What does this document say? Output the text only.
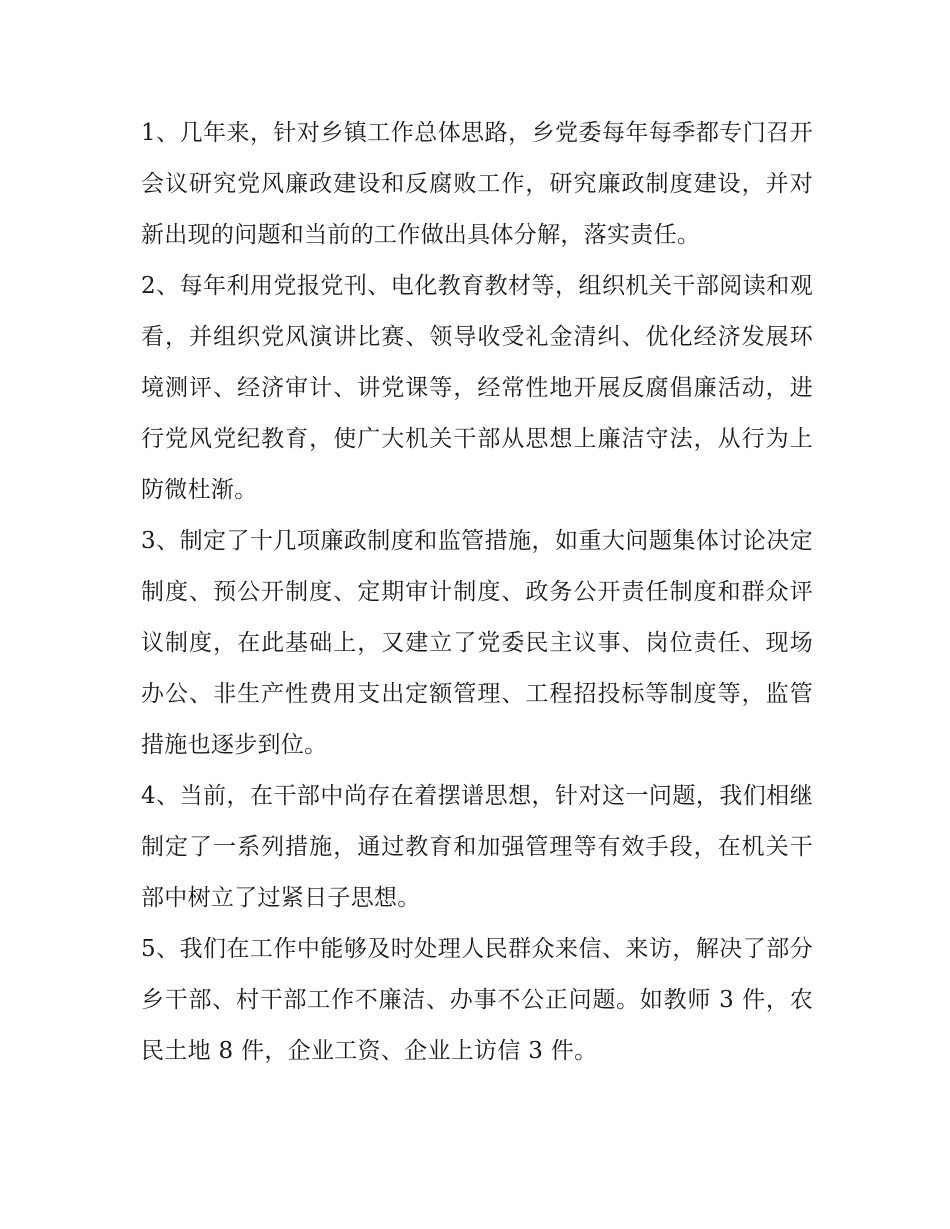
1、几年来，针对乡镇工作总体思路，乡党委每年每季都专门召开会议研究党风廉政建设和反腐败工作，研究廉政制度建设，并对新出现的问题和当前的工作做出具体分解，落实责任。

2、每年利用党报党刊、电化教育教材等，组织机关干部阅读和观看，并组织党风演讲比赛、领导收受礼金清纠、优化经济发展环境测评、经济审计、讲党课等，经常性地开展反腐倡廉活动，进行党风党纪教育，使广大机关干部从思想上廉洁守法，从行为上防微杜渐。

3、制定了十几项廉政制度和监管措施，如重大问题集体讨论决定制度、预公开制度、定期审计制度、政务公开责任制度和群众评议制度，在此基础上，又建立了党委民主议事、岗位责任、现场办公、非生产性费用支出定额管理、工程招投标等制度等，监管措施也逐步到位。

4、当前，在干部中尚存在着摆谱思想，针对这一问题，我们相继制定了一系列措施，通过教育和加强管理等有效手段，在机关干部中树立了过紧日子思想。

5、我们在工作中能够及时处理人民群众来信、来访，解决了部分乡干部、村干部工作不廉洁、办事不公正问题。如教师 3 件，农民土地 8 件，企业工资、企业上访信 3 件。
